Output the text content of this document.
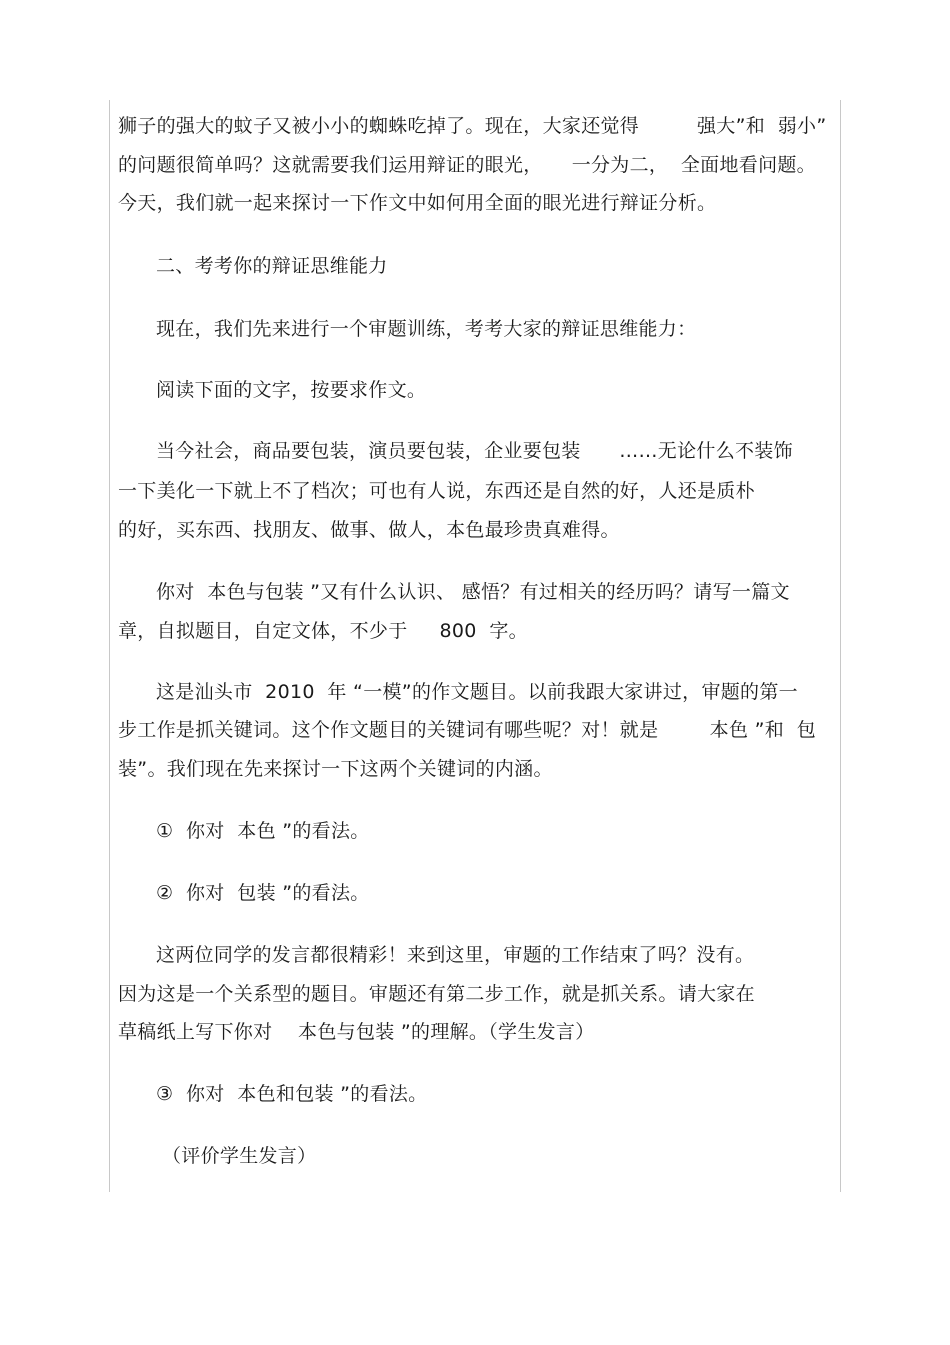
狮子的强大的蚊子又被小小的蜘蛛吃掉了。现在，大家还觉得　　　强大”和  弱小”
的问题很简单吗？这就需要我们运用辩证的眼光，　　一分为二，  全面地看问题。
今天，我们就一起来探讨一下作文中如何用全面的眼光进行辩证分析。
二、考考你的辩证思维能力
现在，我们先来进行一个审题训练，考考大家的辩证思维能力：
阅读下面的文字，按要求作文。
当今社会，商品要包装，演员要包装，企业要包装　　……无论什么不装饰
一下美化一下就上不了档次；可也有人说，东西还是自然的好，人还是质朴
的好，买东西、找朋友、做事、做人，本色最珍贵真难得。
你对  本色与包装 ”又有什么认识、 感悟？有过相关的经历吗？请写一篇文
章，自拟题目，自定文体，不少于　  800  字。
这是汕头市  2010  年 “一模”的作文题目。以前我跟大家讲过，审题的第一
步工作是抓关键词。这个作文题目的关键词有哪些呢？对！就是　　  本色 ”和  包
装”。我们现在先来探讨一下这两个关键词的内涵。
①  你对  本色 ”的看法。
②  你对  包装 ”的看法。
这两位同学的发言都很精彩！来到这里，审题的工作结束了吗？没有。
因为这是一个关系型的题目。审题还有第二步工作，就是抓关系。请大家在
草稿纸上写下你对　 本色与包装 ”的理解。（学生发言）
③  你对  本色和包装 ”的看法。
（评价学生发言）
